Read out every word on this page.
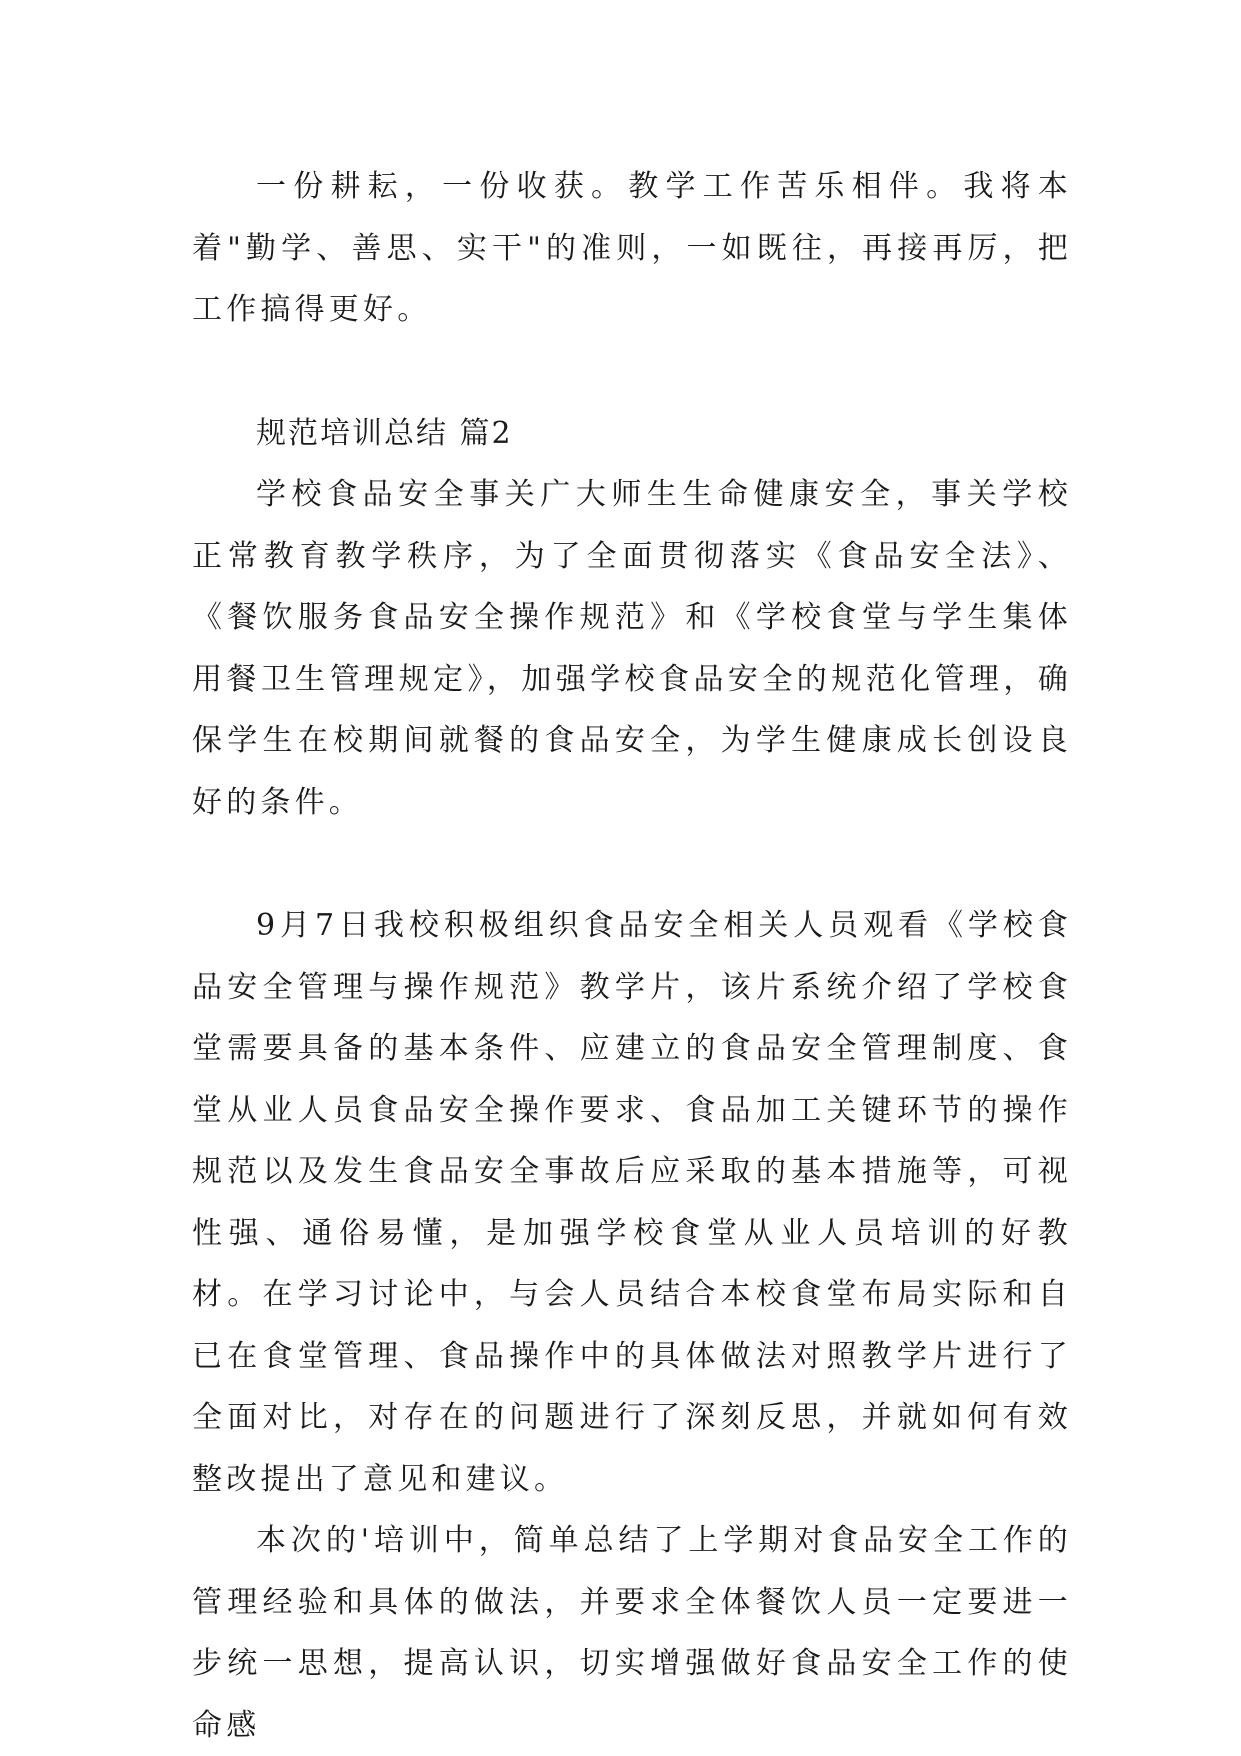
一份耕耘，一份收获。教学工作苦乐相伴。我将本着"勤学、善思、实干"的准则，一如既往，再接再厉，把工作搞得更好。

规范培训总结 篇2

学校食品安全事关广大师生生命健康安全，事关学校正常教育教学秩序，为了全面贯彻落实《食品安全法》、《餐饮服务食品安全操作规范》和《学校食堂与学生集体用餐卫生管理规定》，加强学校食品安全的规范化管理，确保学生在校期间就餐的食品安全，为学生健康成长创设良好的条件。

9月7日我校积极组织食品安全相关人员观看《学校食品安全管理与操作规范》教学片，该片系统介绍了学校食堂需要具备的基本条件、应建立的食品安全管理制度、食堂从业人员食品安全操作要求、食品加工关键环节的操作规范以及发生食品安全事故后应采取的基本措施等，可视性强、通俗易懂，是加强学校食堂从业人员培训的好教材。在学习讨论中，与会人员结合本校食堂布局实际和自已在食堂管理、食品操作中的具体做法对照教学片进行了全面对比，对存在的问题进行了深刻反思，并就如何有效整改提出了意见和建议。

本次的'培训中，简单总结了上学期对食品安全工作的管理经验和具体的做法，并要求全体餐饮人员一定要进一步统一思想，提高认识，切实增强做好食品安全工作的使命感
